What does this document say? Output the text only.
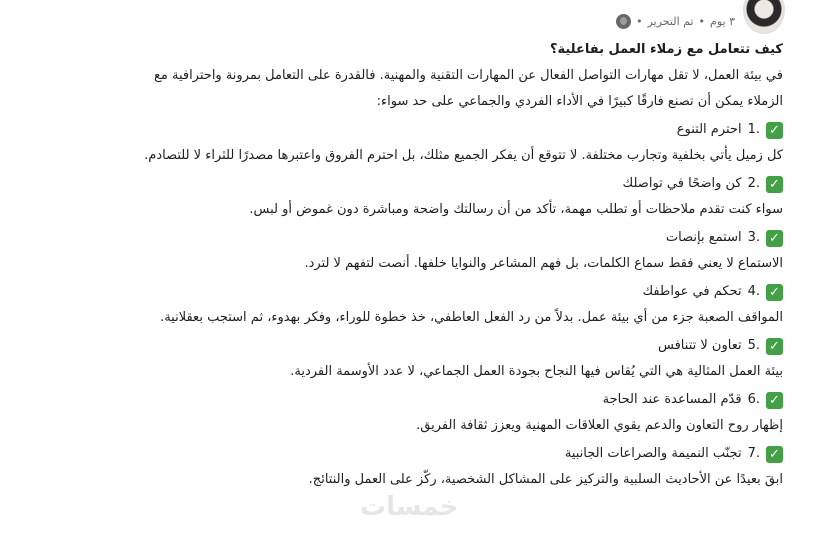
٣ يوم
•
تم التحرير
•

كيف تتعامل مع زملاء العمل بفاعلية؟

في بيئة العمل، لا تقل مهارات التواصل الفعال عن المهارات التقنية والمهنية. فالقدرة على التعامل بمرونة واحترافية مع الزملاء يمكن أن تصنع فارقًا كبيرًا في الأداء الفردي والجماعي على حد سواء:

✓
1.
احترم التنوع

كل زميل يأتي بخلفية وتجارب مختلفة. لا تتوقع أن يفكر الجميع مثلك، بل احترم الفروق واعتبرها مصدرًا للثراء لا للتصادم.

✓
2.
كن واضحًا في تواصلك

سواء كنت تقدم ملاحظات أو تطلب مهمة، تأكد من أن رسالتك واضحة ومباشرة دون غموض أو لبس.

✓
3.
استمع بإنصات

الاستماع لا يعني فقط سماع الكلمات، بل فهم المشاعر والنوايا خلفها. أنصت لتفهم لا لترد.

✓
4.
تحكم في عواطفك

المواقف الصعبة جزء من أي بيئة عمل. بدلاً من رد الفعل العاطفي، خذ خطوة للوراء، وفكر بهدوء، ثم استجب بعقلانية.

✓
5.
تعاون لا تتنافس

بيئة العمل المثالية هي التي يُقاس فيها النجاح بجودة العمل الجماعي، لا عدد الأوسمة الفردية.

✓
6.
قدّم المساعدة عند الحاجة

إظهار روح التعاون والدعم يقوي العلاقات المهنية ويعزز ثقافة الفريق.

✓
7.
تجنّب النميمة والصراعات الجانبية

ابقَ بعيدًا عن الأحاديث السلبية والتركيز على المشاكل الشخصية، ركّز على العمل والنتائج.

خمسات
